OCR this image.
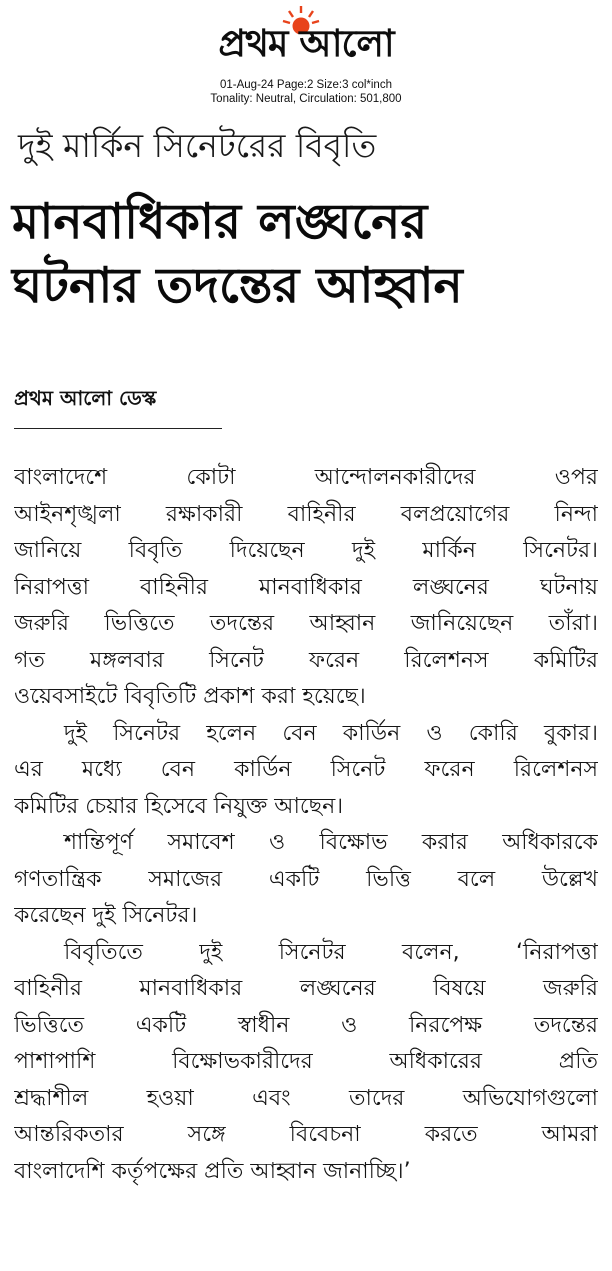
প্রথম আলো
01-Aug-24 Page:2 Size:3 col*inch
Tonality: Neutral, Circulation: 501,800
দুই মার্কিন সিনেটরের বিবৃতি
মানবাধিকার লঙ্ঘনের
ঘটনার তদন্তের আহ্বান
প্রথম আলো ডেস্ক
বাংলাদেশে কোটা আন্দোলনকারীদের ওপর
আইনশৃঙ্খলা রক্ষাকারী বাহিনীর বলপ্রয়োগের নিন্দা
জানিয়ে বিবৃতি দিয়েছেন দুই মার্কিন সিনেটর।
নিরাপত্তা বাহিনীর মানবাধিকার লঙ্ঘনের ঘটনায়
জরুরি ভিত্তিতে তদন্তের আহ্বান জানিয়েছেন তাঁরা।
গত মঙ্গলবার সিনেট ফরেন রিলেশনস কমিটির
ওয়েবসাইটে বিবৃতিটি প্রকাশ করা হয়েছে।
দুই সিনেটর হলেন বেন কার্ডিন ও কোরি বুকার।
এর মধ্যে বেন কার্ডিন সিনেট ফরেন রিলেশনস
কমিটির চেয়ার হিসেবে নিযুক্ত আছেন।
শান্তিপূর্ণ সমাবেশ ও বিক্ষোভ করার অধিকারকে
গণতান্ত্রিক সমাজের একটি ভিত্তি বলে উল্লেখ
করেছেন দুই সিনেটর।
বিবৃতিতে দুই সিনেটর বলেন, ‘নিরাপত্তা
বাহিনীর মানবাধিকার লঙ্ঘনের বিষয়ে জরুরি
ভিত্তিতে একটি স্বাধীন ও নিরপেক্ষ তদন্তের
পাশাপাশি বিক্ষোভকারীদের অধিকারের প্রতি
শ্রদ্ধাশীল হওয়া এবং তাদের অভিযোগগুলো
আন্তরিকতার সঙ্গে বিবেচনা করতে আমরা
বাংলাদেশি কর্তৃপক্ষের প্রতি আহ্বান জানাচ্ছি।’
